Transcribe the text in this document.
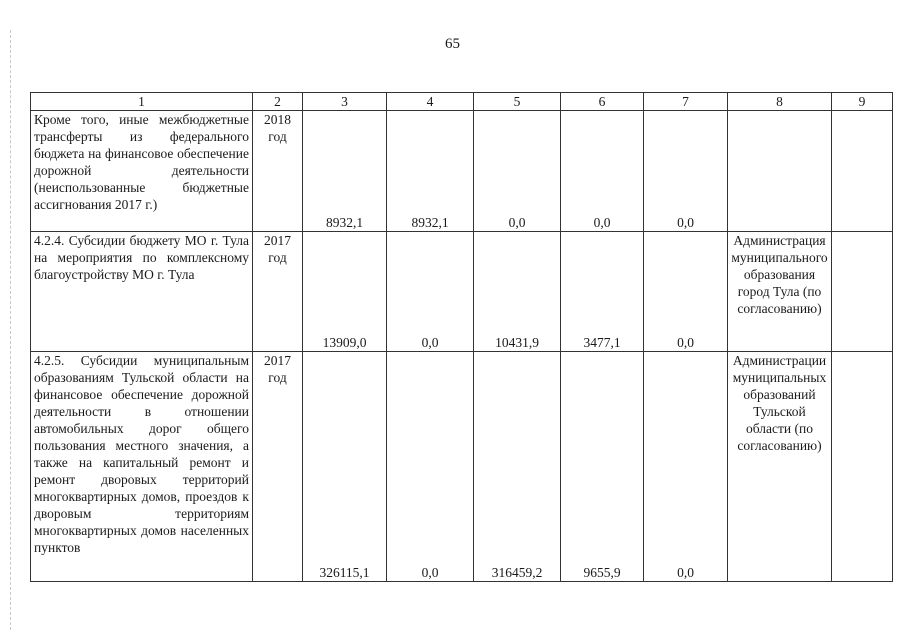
65
1	2	3	4	5	6	7	8	9
Кроме того, иные межбюджетные трансферты из федерального бюджета на финансовое обеспечение дорожной деятельности (неиспользованные бюджетные ассигнования 2017 г.)	2018 год	8932,1	8932,1	0,0	0,0	0,0		
4.2.4. Субсидии бюджету МО г. Тула на мероприятия по комплексному благоустройству МО г. Тула	2017 год	13909,0	0,0	10431,9	3477,1	0,0	Администрация муниципального образования город Тула (по согласованию)	
4.2.5. Субсидии муниципальным образованиям Тульской области на финансовое обеспечение дорожной деятельности в отношении автомобильных дорог общего пользования местного значения, а также на капитальный ремонт и ремонт дворовых территорий многоквартирных домов, проездов к дворовым территориям многоквартирных домов населенных пунктов	2017 год	326115,1	0,0	316459,2	9655,9	0,0	Администрации муниципальных образований Тульской области (по согласованию)	
